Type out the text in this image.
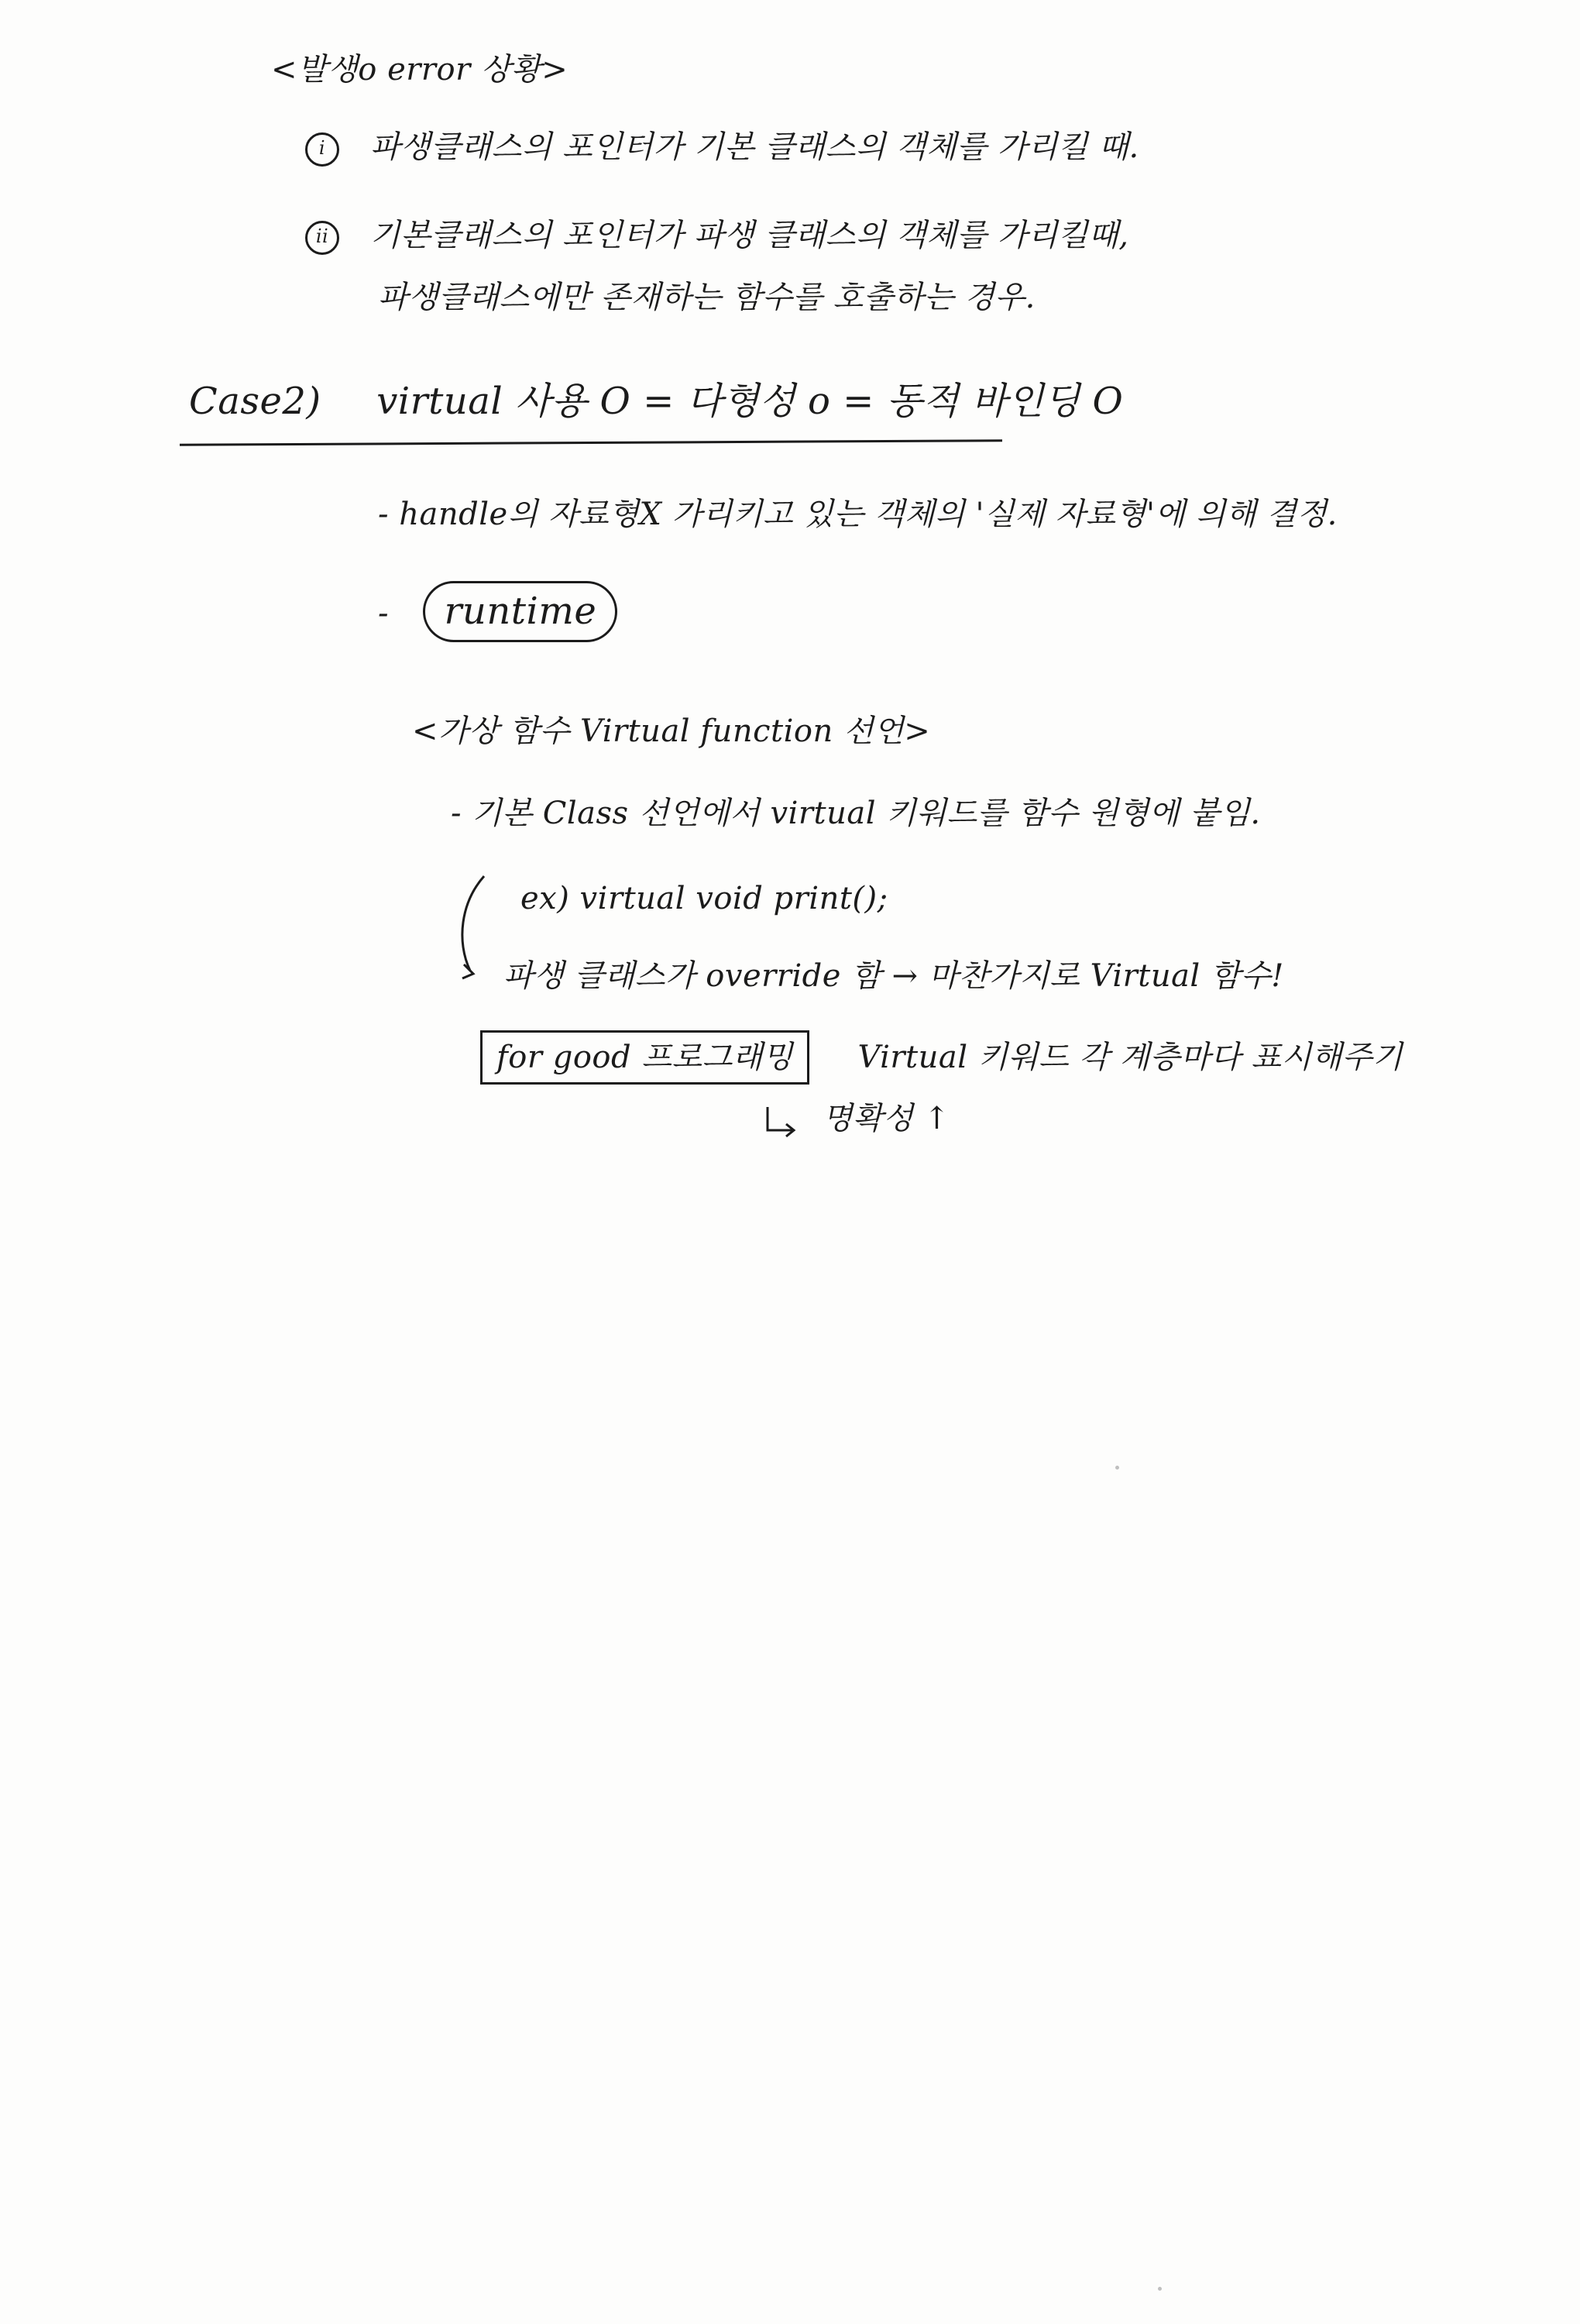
<발생o error 상황>
i 파생클래스의 포인터가 기본 클래스의 객체를 가리킬 때.
ii 기본클래스의 포인터가 파생 클래스의 객체를 가리킬때,
파생클래스에만 존재하는 함수를 호출하는 경우.
Case2) virtual 사용 O = 다형성 o = 동적 바인딩 O
- handle의 자료형X 가리키고 있는 객체의 '실제 자료형'에 의해 결정.
- runtime
<가상 함수 Virtual function 선언>
- 기본 Class 선언에서 virtual 키워드를 함수 원형에 붙임.
ex) virtual void print();
파생 클래스가 override 함 → 마찬가지로 Virtual 함수!
for good 프로그래밍 Virtual 키워드 각 계층마다 표시해주기
명확성 ↑
